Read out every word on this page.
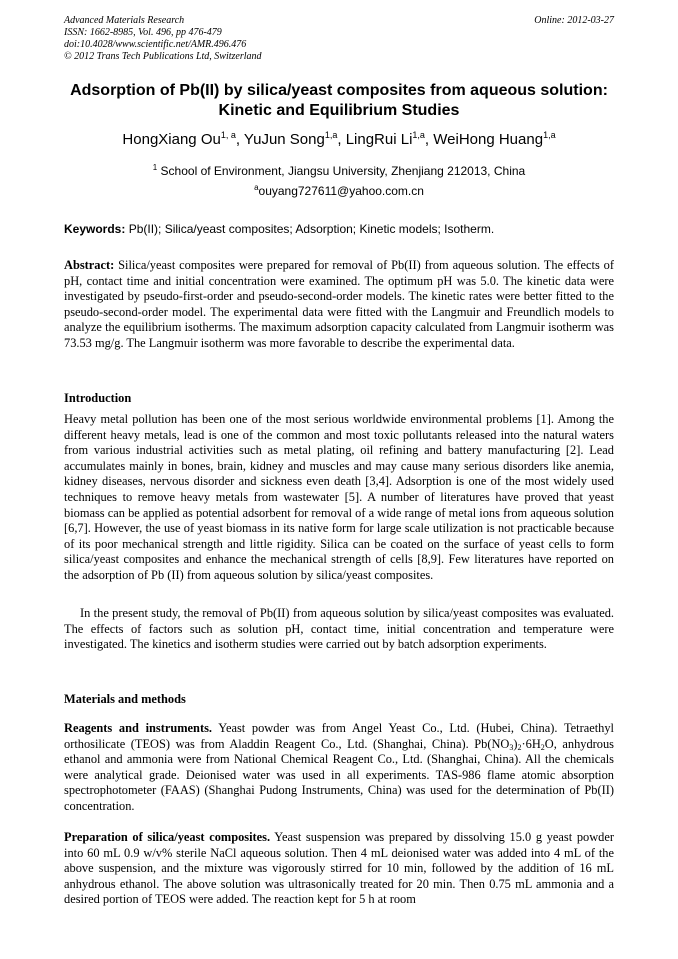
Advanced Materials Research
ISSN: 1662-8985, Vol. 496, pp 476-479
doi:10.4028/www.scientific.net/AMR.496.476
© 2012 Trans Tech Publications Ltd, Switzerland
Online: 2012-03-27
Adsorption of Pb(II) by silica/yeast composites from aqueous solution:
Kinetic and Equilibrium Studies
HongXiang Ou$^{1, a}$, YuJun Song$^{1,a}$, LingRui Li$^{1,a}$, WeiHong Huang$^{1,a}$
$^1$ School of Environment, Jiangsu University, Zhenjiang 212013, China
$^a$ouyang727611@yahoo.com.cn
Keywords: Pb(II); Silica/yeast composites; Adsorption; Kinetic models; Isotherm.
Abstract: Silica/yeast composites were prepared for removal of Pb(II) from aqueous solution. The effects of pH, contact time and initial concentration were examined. The optimum pH was 5.0. The kinetic data were investigated by pseudo-first-order and pseudo-second-order models. The kinetic rates were better fitted to the pseudo-second-order model. The experimental data were fitted with the Langmuir and Freundlich models to analyze the equilibrium isotherms. The maximum adsorption capacity calculated from Langmuir isotherm was 73.53 mg/g. The Langmuir isotherm was more favorable to describe the experimental data.
Introduction
Heavy metal pollution has been one of the most serious worldwide environmental problems [1]. Among the different heavy metals, lead is one of the common and most toxic pollutants released into the natural waters from various industrial activities such as metal plating, oil refining and battery manufacturing [2]. Lead accumulates mainly in bones, brain, kidney and muscles and may cause many serious disorders like anemia, kidney diseases, nervous disorder and sickness even death [3,4]. Adsorption is one of the most widely used techniques to remove heavy metals from wastewater [5]. A number of literatures have proved that yeast biomass can be applied as potential adsorbent for removal of a wide range of metal ions from aqueous solution [6,7]. However, the use of yeast biomass in its native form for large scale utilization is not practicable because of its poor mechanical strength and little rigidity. Silica can be coated on the surface of yeast cells to form silica/yeast composites and enhance the mechanical strength of cells [8,9]. Few literatures have reported on the adsorption of Pb (II) from aqueous solution by silica/yeast composites.
In the present study, the removal of Pb(II) from aqueous solution by silica/yeast composites was evaluated. The effects of factors such as solution pH, contact time, initial concentration and temperature were investigated. The kinetics and isotherm studies were carried out by batch adsorption experiments.
Materials and methods
Reagents and instruments. Yeast powder was from Angel Yeast Co., Ltd. (Hubei, China). Tetraethyl orthosilicate (TEOS) was from Aladdin Reagent Co., Ltd. (Shanghai, China). Pb(NO3)2·6H2O, anhydrous ethanol and ammonia were from National Chemical Reagent Co., Ltd. (Shanghai, China). All the chemicals were analytical grade. Deionised water was used in all experiments. TAS-986 flame atomic absorption spectrophotometer (FAAS) (Shanghai Pudong Instruments, China) was used for the determination of Pb(II) concentration.
Preparation of silica/yeast composites. Yeast suspension was prepared by dissolving 15.0 g yeast powder into 60 mL 0.9 w/v% sterile NaCl aqueous solution. Then 4 mL deionised water was added into 4 mL of the above suspension, and the mixture was vigorously stirred for 10 min, followed by the addition of 16 mL anhydrous ethanol. The above solution was ultrasonically treated for 20 min. Then 0.75 mL ammonia and a desired portion of TEOS were added. The reaction kept for 5 h at room
